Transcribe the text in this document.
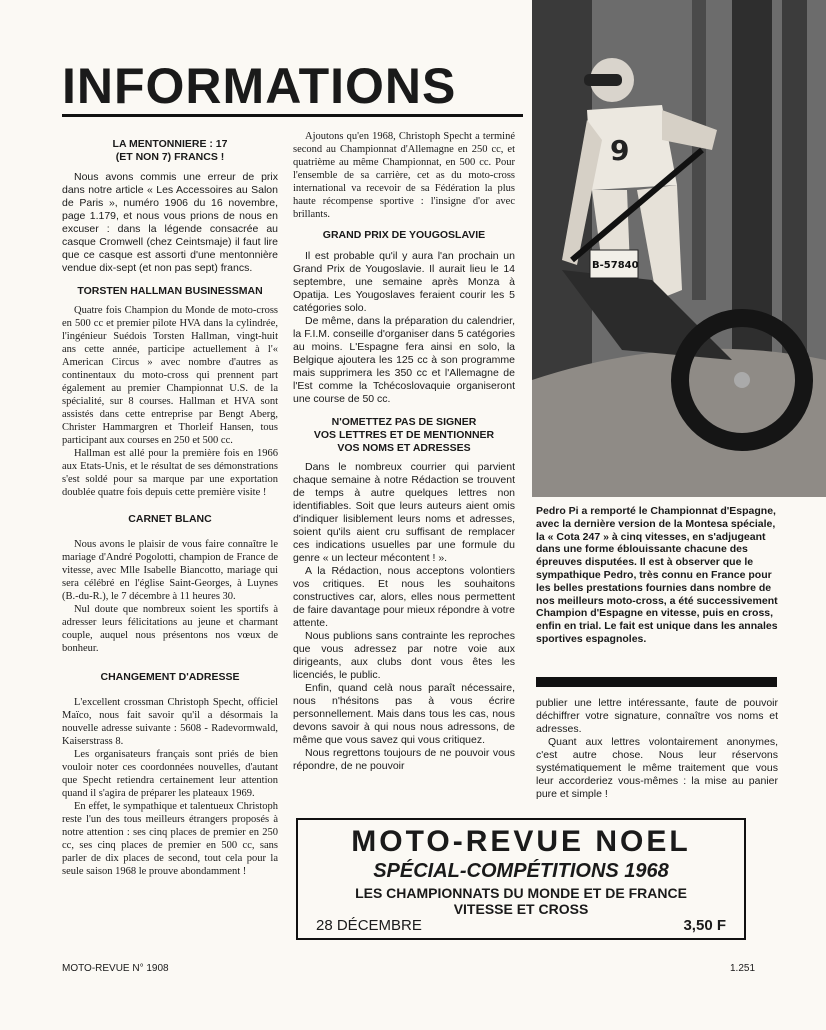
INFORMATIONS
LA MENTONNIERE : 17
(ET NON 7) FRANCS !

Nous avons commis une erreur de prix dans notre article « Les Accessoires au Salon de Paris », numéro 1906 du 16 novembre, page 1.179, et nous vous prions de nous en excuser : dans la légende consacrée au casque Cromwell (chez Ceintsmaje) il faut lire que ce casque est assorti d'une mentonnière vendue dix-sept (et non pas sept) francs.

TORSTEN HALLMAN BUSINESSMAN

Quatre fois Champion du Monde de moto-cross en 500 cc et premier pilote HVA dans la cylindrée, l'ingénieur Suédois Torsten Hallman, vingt-huit ans cette année, participe actuellement à l'« American Circus » avec nombre d'autres as continentaux du moto-cross qui prennent part également au premier Championnat U.S. de la spécialité, sur 8 courses. Hallman et HVA sont assistés dans cette entreprise par Bengt Aberg, Christer Hammargren et Thorleif Hansen, tous participant aux courses en 250 et 500 cc.

Hallman est allé pour la première fois en 1966 aux Etats-Unis, et le résultat de ses démonstrations s'est soldé pour sa marque par une exportation doublée quatre fois depuis cette première visite !

CARNET BLANC

Nous avons le plaisir de vous faire connaître le mariage d'André Pogolotti, champion de France de vitesse, avec Mlle Isabelle Biancotto, mariage qui sera célébré en l'église Saint-Georges, à Luynes (B.-du-R.), le 7 décembre à 11 heures 30.

Nul doute que nombreux soient les sportifs à adresser leurs félicitations au jeune et charmant couple, auquel nous présentons nos vœux de bonheur.

CHANGEMENT D'ADRESSE

L'excellent crossman Christoph Specht, officiel Maïco, nous fait savoir qu'il a désormais la nouvelle adresse suivante : 5608 - Radevormwald, Kaiserstrass 8.

Les organisateurs français sont priés de bien vouloir noter ces coordonnées nouvelles, d'autant que Specht retiendra certainement leur attention quand il s'agira de préparer les plateaux 1969.

En effet, le sympathique et talentueux Christoph reste l'un des tous meilleurs étrangers proposés à notre attention : ses cinq places de premier en 250 cc, ses cinq places de premier en 500 cc, sans parler de dix places de second, tout cela pour la seule saison 1968 le prouve abondamment !

Ajoutons qu'en 1968, Christoph Specht a terminé second au Championnat d'Allemagne en 250 cc, et quatrième au même Championnat, en 500 cc. Pour l'ensemble de sa carrière, cet as du moto-cross international va recevoir de sa Fédération la plus haute récompense sportive : l'insigne d'or avec brillants.

GRAND PRIX DE YOUGOSLAVIE

Il est probable qu'il y aura l'an prochain un Grand Prix de Yougoslavie. Il aurait lieu le 14 septembre, une semaine après Monza à Opatija. Les Yougoslaves feraient courir les 5 catégories solo.

De même, dans la préparation du calendrier, la F.I.M. conseille d'organiser dans 5 catégories au moins. L'Espagne fera ainsi en solo, la Belgique ajoutera les 125 cc à son programme mais supprimera les 350 cc et l'Allemagne de l'Est comme la Tchécoslovaquie organiseront une course de 50 cc.

N'OMETTEZ PAS DE SIGNER
VOS LETTRES ET DE MENTIONNER
VOS NOMS ET ADRESSES

Dans le nombreux courrier qui parvient chaque semaine à notre Rédaction se trouvent de temps à autre quelques lettres non identifiables. Soit que leurs auteurs aient omis d'indiquer lisiblement leurs noms et adresses, soient qu'ils aient cru suffisant de remplacer ces indications usuelles par une formule du genre « un lecteur mécontent ! ».

A la Rédaction, nous acceptons volontiers vos critiques. Et nous les souhaitons constructives car, alors, elles nous permettent de faire davantage pour mieux répondre à votre attente.

Nous publions sans contrainte les reproches que vous adressez par notre voie aux dirigeants, aux clubs dont vous êtes les licenciés, le public.

Enfin, quand celà nous paraît nécessaire, nous n'hésitons pas à vous écrire personnellement. Mais dans tous les cas, nous devons savoir à qui nous nous adressons, de même que vous savez qui vous critiquez.

Nous regrettons toujours de ne pouvoir vous répondre, de ne pouvoir

9
B-57840
Pedro Pi a remporté le Championnat d'Espagne, avec la dernière version de la Montesa spéciale, la « Cota 247 » à cinq vitesses, en s'adjugeant dans une forme éblouissante chacune des épreuves disputées. Il est à observer que le sympathique Pedro, très connu en France pour les belles prestations fournies dans nombre de nos meilleurs moto-cross, a été successivement Champion d'Espagne en vitesse, puis en cross, enfin en trial. Le fait est unique dans les annales sportives espagnoles.

publier une lettre intéressante, faute de pouvoir déchiffrer votre signature, connaître vos noms et adresses.

Quant aux lettres volontairement anonymes, c'est autre chose. Nous leur réservons systématiquement le même traitement que vous leur accorderiez vous-mêmes : la mise au panier pure et simple !

MOTO-REVUE NOEL
SPÉCIAL-COMPÉTITIONS 1968
LES CHAMPIONNATS DU MONDE ET DE FRANCE
VITESSE ET CROSS
28 DÉCEMBRE	3,50 F
MOTO-REVUE N° 1908	1.251
